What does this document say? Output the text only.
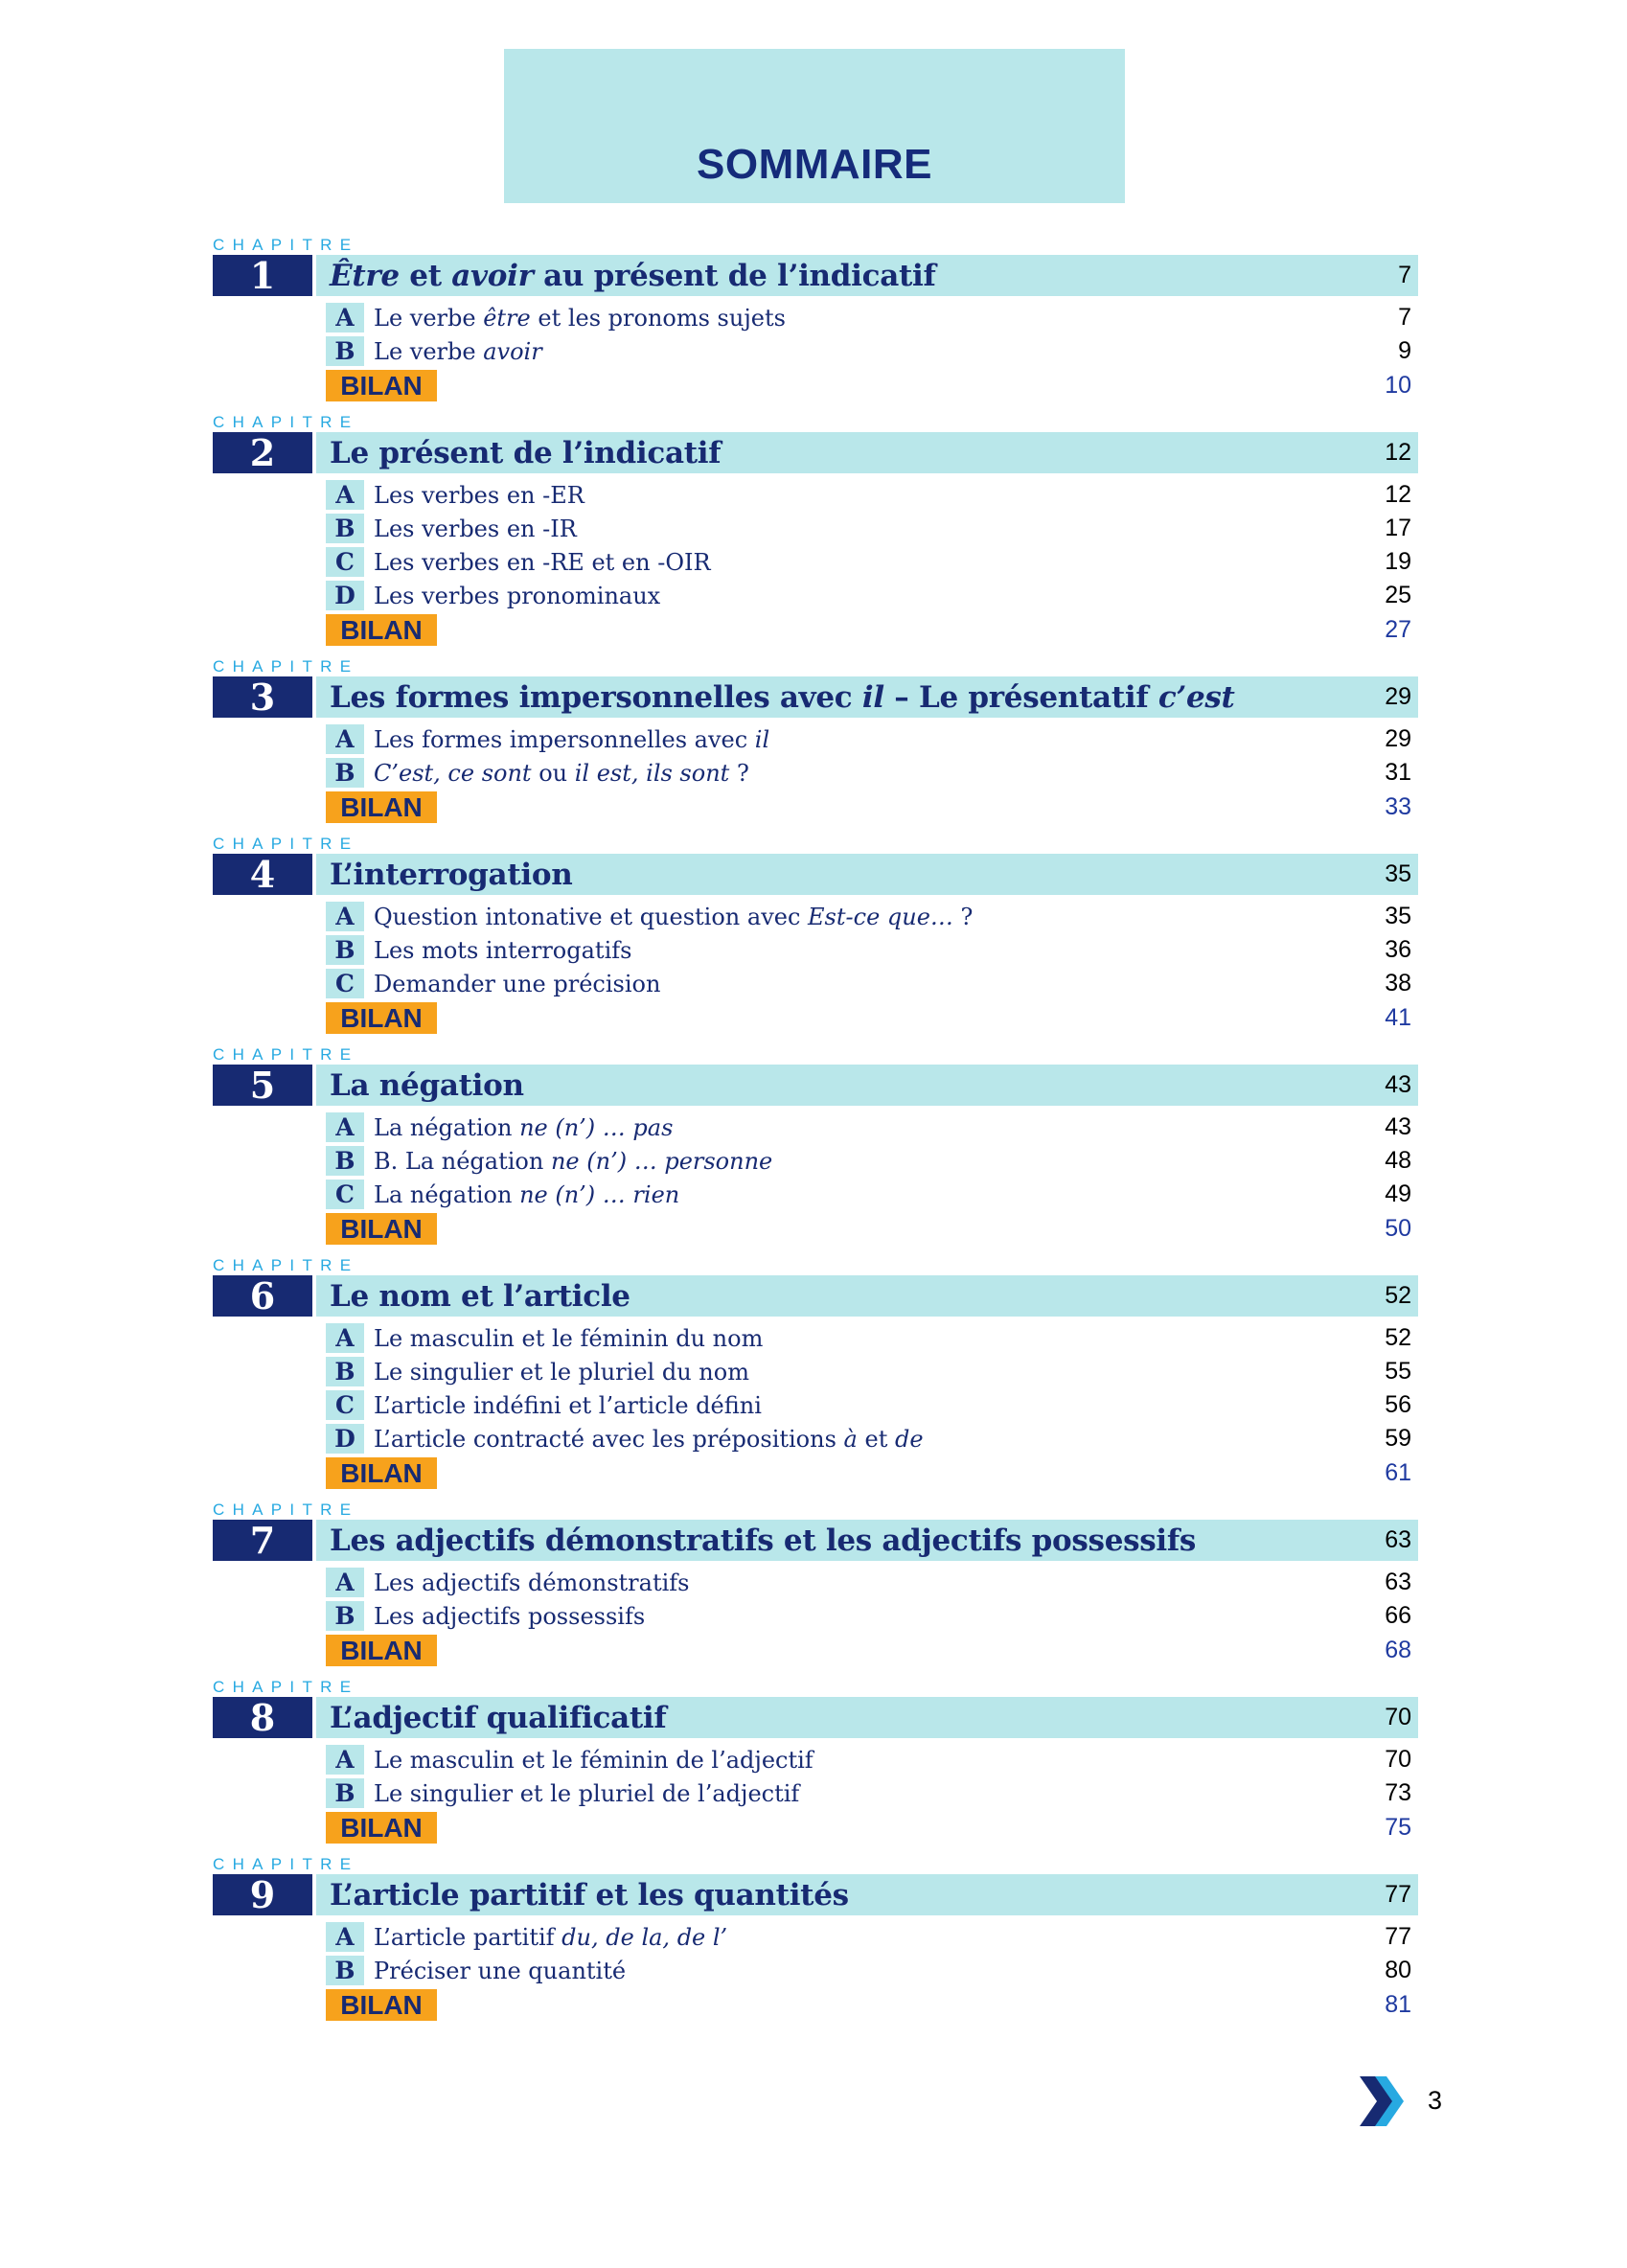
SOMMAIRE
CHAPITRE
1	Être et avoir au présent de l’indicatif	7
A Le verbe être et les pronoms sujets	7
B Le verbe avoir	9
BILAN	10
CHAPITRE
2	Le présent de l’indicatif	12
A Les verbes en -ER	12
B Les verbes en -IR	17
C Les verbes en -RE et en -OIR	19
D Les verbes pronominaux	25
BILAN	27
CHAPITRE
3	Les formes impersonnelles avec il – Le présentatif c’est	29
A Les formes impersonnelles avec il	29
B C’est, ce sont ou il est, ils sont ?	31
BILAN	33
CHAPITRE
4	L’interrogation	35
A Question intonative et question avec Est-ce que… ?	35
B Les mots interrogatifs	36
C Demander une précision	38
BILAN	41
CHAPITRE
5	La négation	43
A La négation ne (n’) … pas	43
B B. La négation ne (n’) … personne	48
C La négation ne (n’) … rien	49
BILAN	50
CHAPITRE
6	Le nom et l’article	52
A Le masculin et le féminin du nom	52
B Le singulier et le pluriel du nom	55
C L’article indéfini et l’article défini	56
D L’article contracté avec les prépositions à et de	59
BILAN	61
CHAPITRE
7	Les adjectifs démonstratifs et les adjectifs possessifs	63
A Les adjectifs démonstratifs	63
B Les adjectifs possessifs	66
BILAN	68
CHAPITRE
8	L’adjectif qualificatif	70
A Le masculin et le féminin de l’adjectif	70
B Le singulier et le pluriel de l’adjectif	73
BILAN	75
CHAPITRE
9	L’article partitif et les quantités	77
A L’article partitif du, de la, de l’	77
B Préciser une quantité	80
BILAN	81
3
